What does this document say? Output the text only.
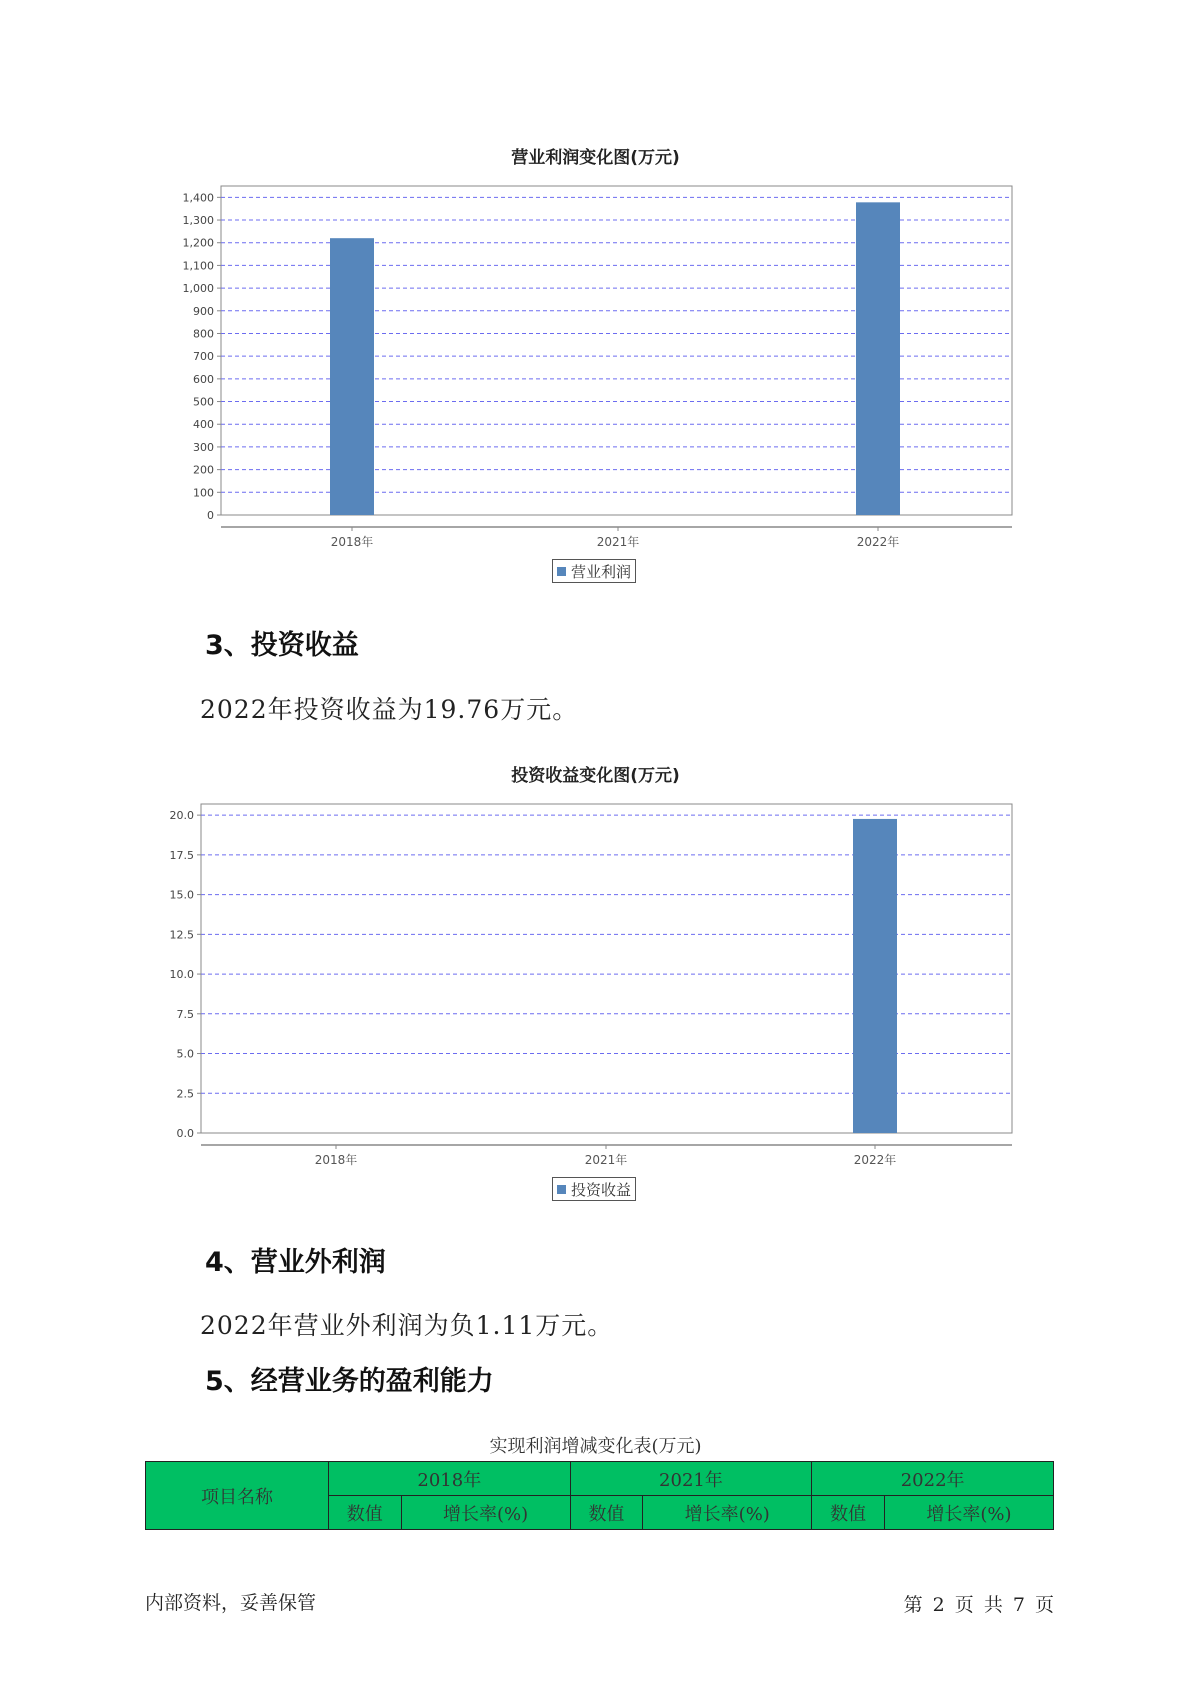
营业利润变化图(万元)
0
100
200
300
400
500
600
700
800
900
1,000
1,100
1,200
1,300
1,400
2018年	2021年	2022年
营业利润
3、投资收益
2022年投资收益为19.76万元。
投资收益变化图(万元)
0.0
2.5
5.0
7.5
10.0
12.5
15.0
17.5
20.0
2018年	2021年	2022年
投资收益
4、营业外利润
2022年营业外利润为负1.11万元。
5、经营业务的盈利能力
实现利润增减变化表(万元)
项目名称	2018年		2021年		2022年	
	数值	增长率(%)	数值	增长率(%)	数值	增长率(%)
内部资料，妥善保管	第 2 页 共 7 页
